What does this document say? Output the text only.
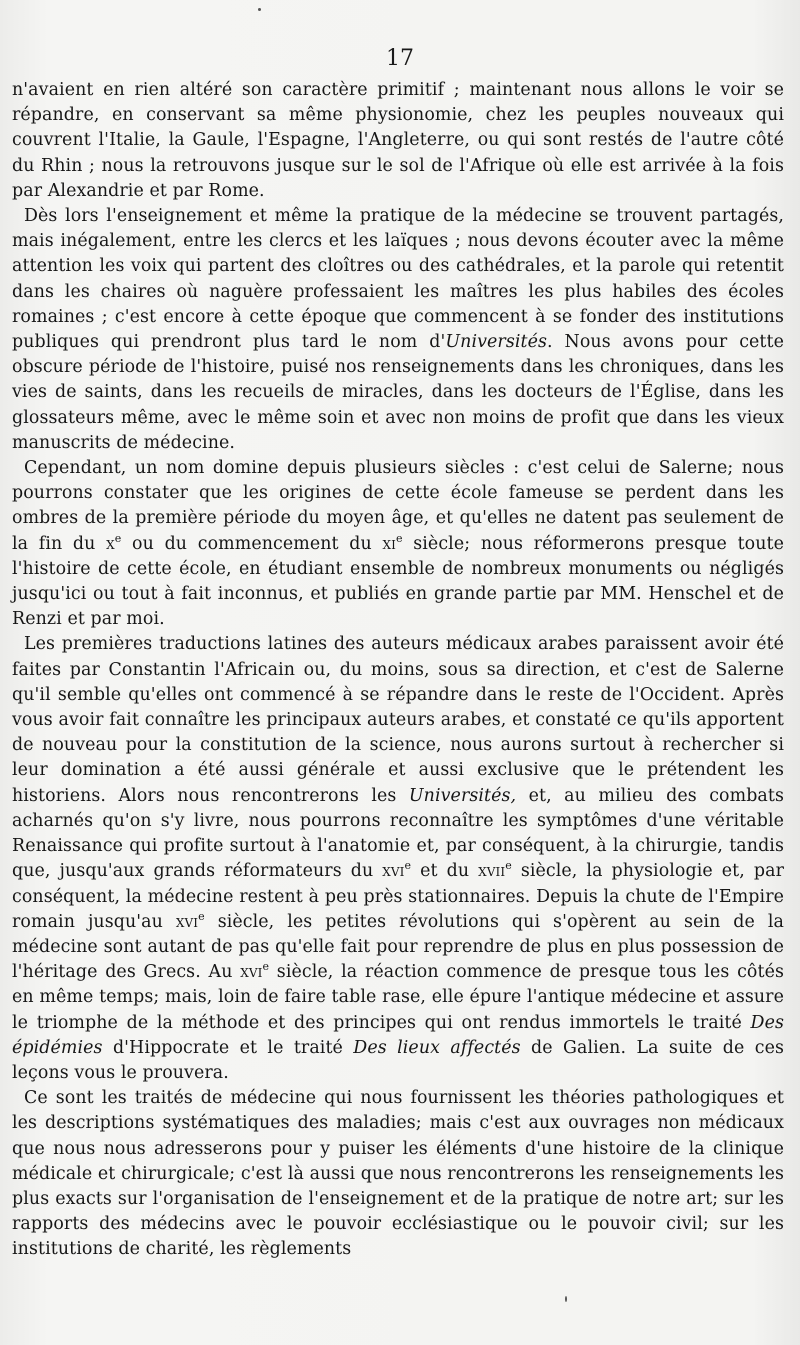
17

n'avaient en rien altéré son caractère primitif ; maintenant nous allons le voir se répandre, en conservant sa même physionomie, chez les peuples nouveaux qui couvrent l'Italie, la Gaule, l'Espagne, l'Angleterre, ou qui sont restés de l'autre côté du Rhin ; nous la retrouvons jusque sur le sol de l'Afrique où elle est arrivée à la fois par Alexandrie et par Rome.

Dès lors l'enseignement et même la pratique de la médecine se trouvent partagés, mais inégalement, entre les clercs et les laïques ; nous devons écouter avec la même attention les voix qui partent des cloîtres ou des cathédrales, et la parole qui retentit dans les chaires où naguère professaient les maîtres les plus habiles des écoles romaines ; c'est encore à cette époque que commencent à se fonder des institutions publiques qui prendront plus tard le nom d'Universités. Nous avons pour cette obscure période de l'histoire, puisé nos renseignements dans les chroniques, dans les vies de saints, dans les recueils de miracles, dans les docteurs de l'Église, dans les glossateurs même, avec le même soin et avec non moins de profit que dans les vieux manuscrits de médecine.

Cependant, un nom domine depuis plusieurs siècles : c'est celui de Salerne; nous pourrons constater que les origines de cette école fameuse se perdent dans les ombres de la première période du moyen âge, et qu'elles ne datent pas seulement de la fin du $x^e$ ou du commencement du $xi^e$ siècle; nous réformerons presque toute l'histoire de cette école, en étudiant ensemble de nombreux monuments ou négligés jusqu'ici ou tout à fait inconnus, et publiés en grande partie par MM. Henschel et de Renzi et par moi.

Les premières traductions latines des auteurs médicaux arabes paraissent avoir été faites par Constantin l'Africain ou, du moins, sous sa direction, et c'est de Salerne qu'il semble qu'elles ont commencé à se répandre dans le reste de l'Occident. Après vous avoir fait connaître les principaux auteurs arabes, et constaté ce qu'ils apportent de nouveau pour la constitution de la science, nous aurons surtout à rechercher si leur domination a été aussi générale et aussi exclusive que le prétendent les historiens. Alors nous rencontrerons les Universités, et, au milieu des combats acharnés qu'on s'y livre, nous pourrons reconnaître les symptômes d'une véritable Renaissance qui profite surtout à l'anatomie et, par conséquent, à la chirurgie, tandis que, jusqu'aux grands réformateurs du xvi$^e$ et du xvii$^e$ siècle, la physiologie et, par conséquent, la médecine restent à peu près stationnaires. Depuis la chute de l'Empire romain jusqu'au xvi$^e$ siècle, les petites révolutions qui s'opèrent au sein de la médecine sont autant de pas qu'elle fait pour reprendre de plus en plus possession de l'héritage des Grecs. Au xvi$^e$ siècle, la réaction commence de presque tous les côtés en même temps; mais, loin de faire table rase, elle épure l'antique médecine et assure le triomphe de la méthode et des principes qui ont rendus immortels le traité Des épidémies d'Hippocrate et le traité Des lieux affectés de Galien. La suite de ces leçons vous le prouvera.

Ce sont les traités de médecine qui nous fournissent les théories pathologiques et les descriptions systématiques des maladies; mais c'est aux ouvrages non médicaux que nous nous adresserons pour y puiser les éléments d'une histoire de la clinique médicale et chirurgicale; c'est là aussi que nous rencontrerons les renseignements les plus exacts sur l'organisation de l'enseignement et de la pratique de notre art; sur les rapports des médecins avec le pouvoir ecclésiastique ou le pouvoir civil; sur les institutions de charité, les règlements
